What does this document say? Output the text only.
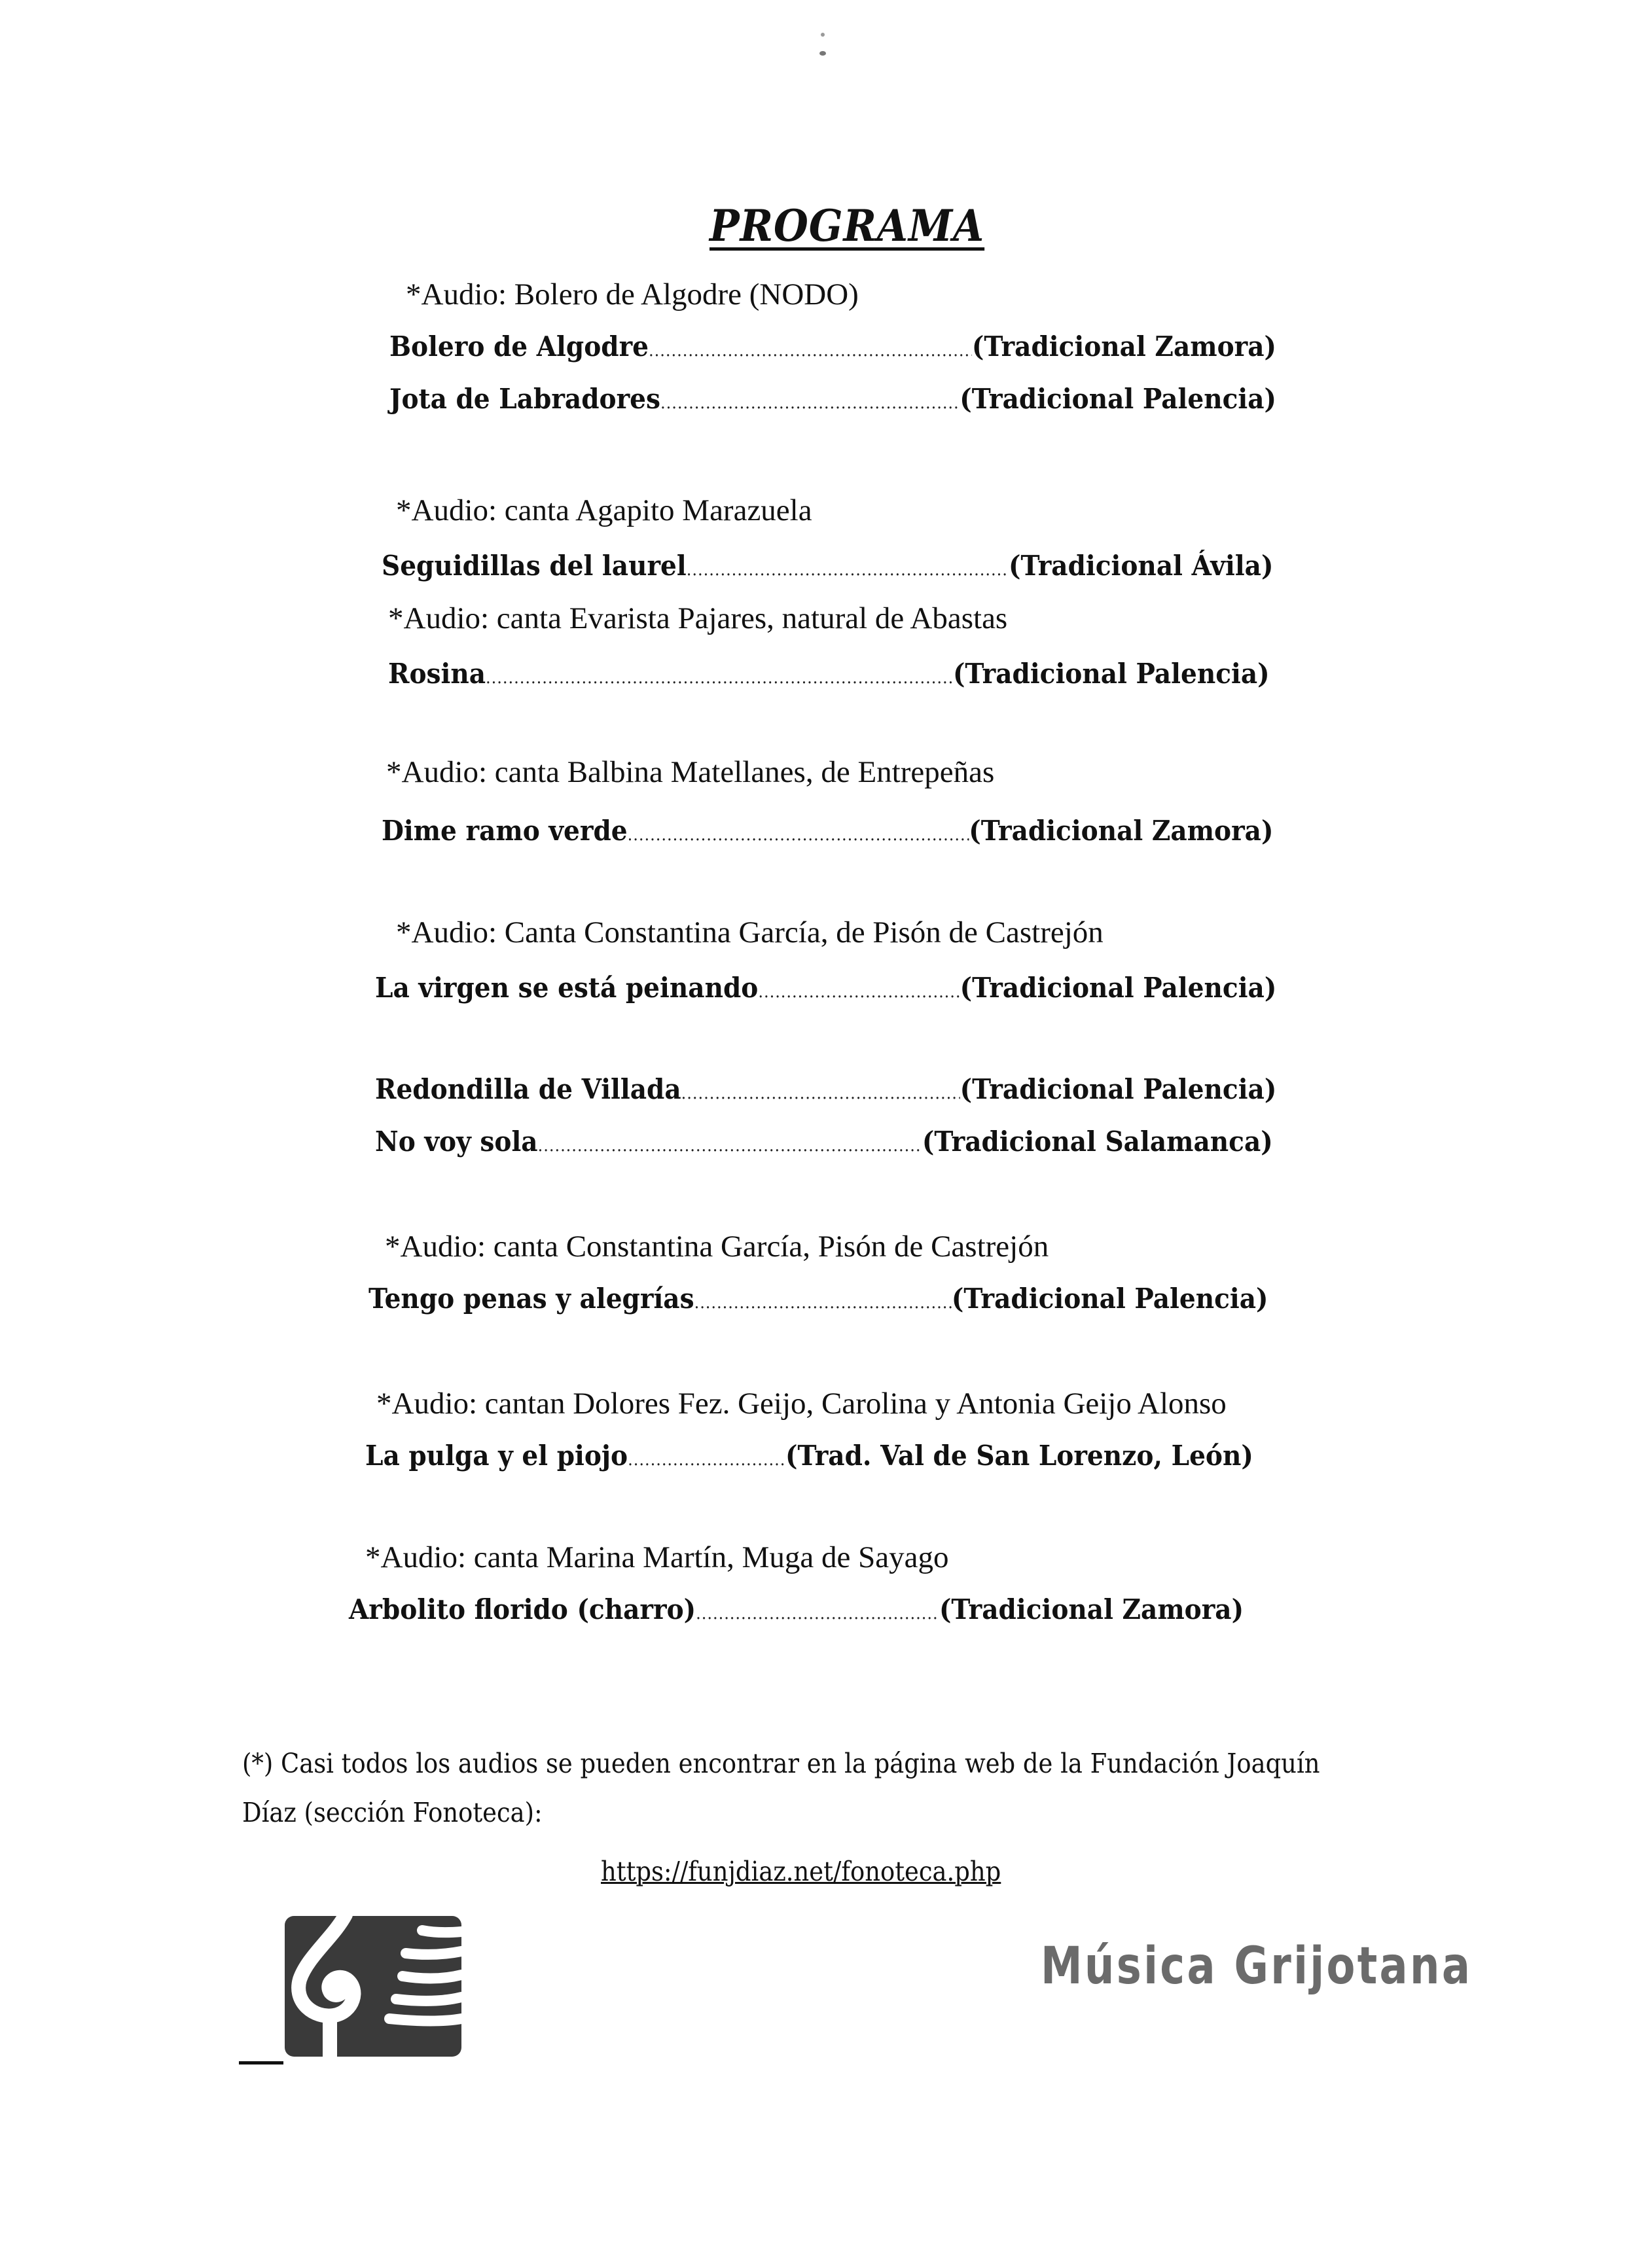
PROGRAMA
*Audio: Bolero de Algodre (NODO)
Bolero de Algodre .....	(Tradicional Zamora)
Jota de Labradores .....	(Tradicional Palencia)
*Audio: canta Agapito Marazuela
Seguidillas del laurel .....	(Tradicional Ávila)
*Audio: canta Evarista Pajares, natural de Abastas
Rosina .....	(Tradicional Palencia)
*Audio: canta Balbina Matellanes, de Entrepeñas
Dime ramo verde .....	(Tradicional Zamora)
*Audio: Canta Constantina García, de Pisón de Castrejón
La virgen se está peinando .....	(Tradicional Palencia)
Redondilla de Villada .....	(Tradicional Palencia)
No voy sola .....	(Tradicional Salamanca)
*Audio: canta Constantina García, Pisón de Castrejón
Tengo penas y alegrías .....	(Tradicional Palencia)
*Audio: cantan Dolores Fez. Geijo, Carolina y Antonia Geijo Alonso
La pulga y el piojo .....	(Trad. Val de San Lorenzo, León)
*Audio: canta Marina Martín, Muga de Sayago
Arbolito florido (charro) .....	(Tradicional Zamora)
(*) Casi todos los audios se pueden encontrar en la página web de la Fundación Joaquín
Díaz (sección Fonoteca):
https://funjdiaz.net/fonoteca.php
Música Grijotana
